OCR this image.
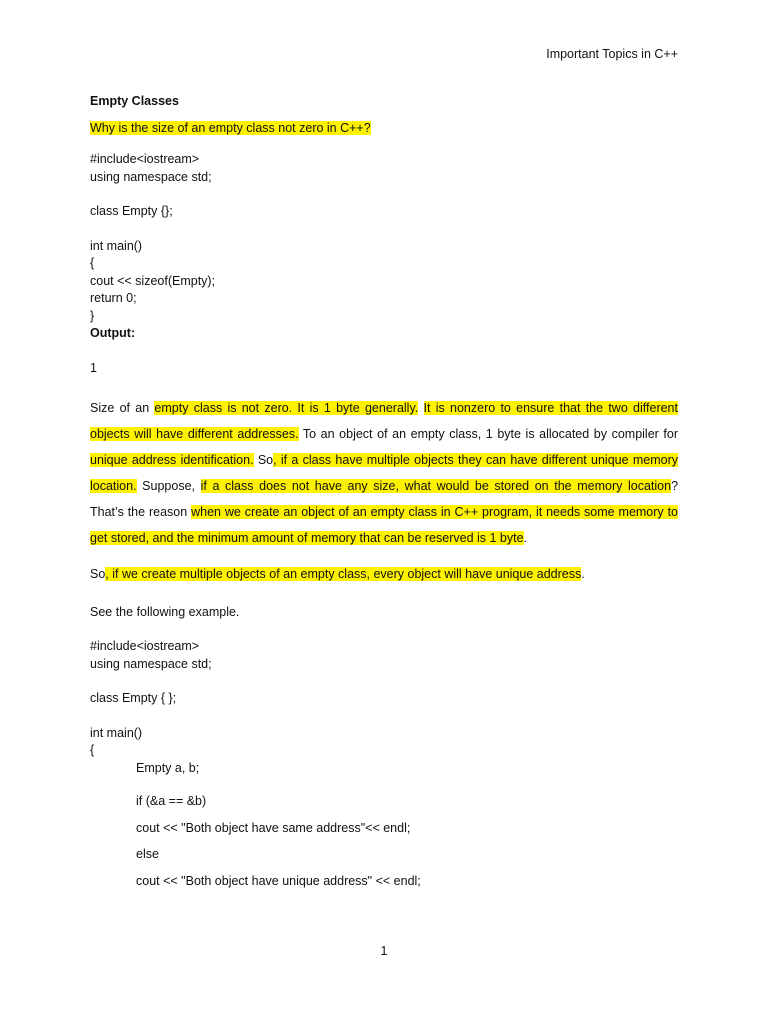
Important Topics in C++
Empty Classes
Why is the size of an empty class not zero in C++?
#include<iostream>
using namespace std;
class Empty {};
int main()
{
cout << sizeof(Empty);
return 0;
}
Output:
1

Size of an empty class is not zero. It is 1 byte generally. It is nonzero to ensure that the two different objects will have different addresses. To an object of an empty class, 1 byte is allocated by compiler for unique address identification. So, if a class have multiple objects they can have different unique memory location. Suppose, if a class does not have any size, what would be stored on the memory location? That’s the reason when we create an object of an empty class in C++ program, it needs some memory to get stored, and the minimum amount of memory that can be reserved is 1 byte.

So, if we create multiple objects of an empty class, every object will have unique address.

See the following example.

#include<iostream>
using namespace std;
class Empty { };
int main()
{
Empty a, b;
if (&a == &b)
cout << "Both object have same address"<< endl;
else
cout << "Both object have unique address" << endl;
1
